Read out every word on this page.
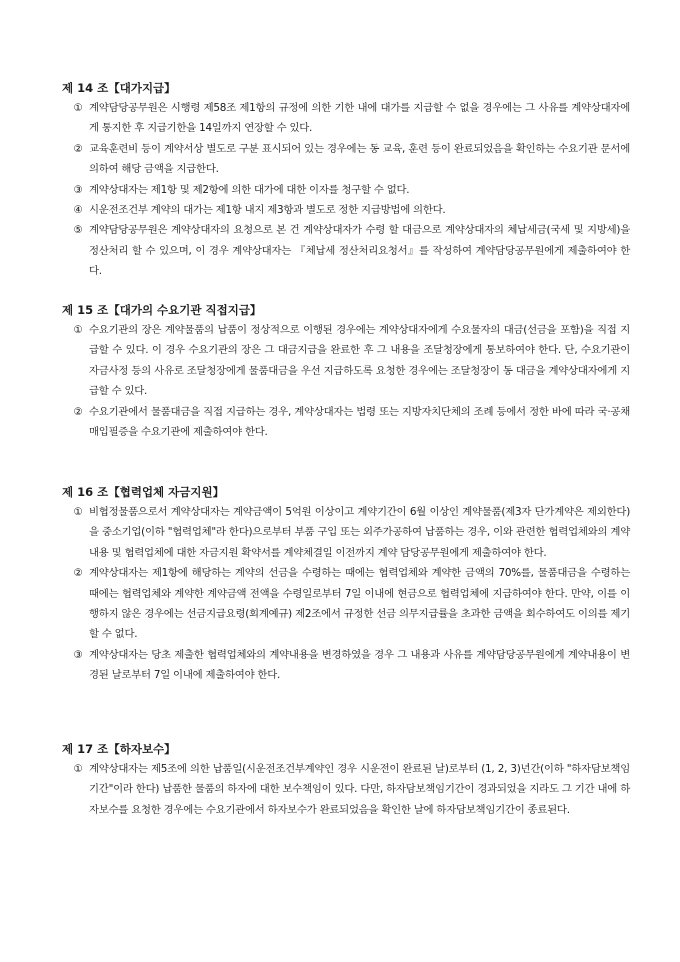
제 14 조【대가지급】
① 계약담당공무원은 시행령 제58조 제1항의 규정에 의한 기한 내에 대가를 지급할 수 없을 경우에는 그 사유를 계약상대자에게 통지한 후 지급기한을 14일까지 연장할 수 있다.
② 교육훈련비 등이 계약서상 별도로 구분 표시되어 있는 경우에는 동 교육, 훈련 등이 완료되었음을 확인하는 수요기관 문서에 의하여 해당 금액을 지급한다.
③ 계약상대자는 제1항 및 제2항에 의한 대가에 대한 이자를 청구할 수 없다.
④ 시운전조건부 계약의 대가는 제1항 내지 제3항과 별도로 정한 지급방법에 의한다.
⑤ 계약담당공무원은 계약상대자의 요청으로 본 건 계약상대자가 수령 할 대금으로 계약상대자의 체납세금(국세 및 지방세)을 정산처리 할 수 있으며, 이 경우 계약상대자는 『체납세 정산처리요청서』를 작성하여 계약담당공무원에게 제출하여야 한다.
제 15 조【대가의 수요기관 직접지급】
① 수요기관의 장은 계약물품의 납품이 정상적으로 이행된 경우에는 계약상대자에게 수요물자의 대금(선금을 포함)을 직접 지급할 수 있다. 이 경우 수요기관의 장은 그 대금지급을 완료한 후 그 내용을 조달청장에게 통보하여야 한다. 단, 수요기관이 자금사정 등의 사유로 조달청장에게 물품대금을 우선 지급하도록 요청한 경우에는 조달청장이 동 대금을 계약상대자에게 지급할 수 있다.
② 수요기관에서 물품대금을 직접 지급하는 경우, 계약상대자는 법령 또는 지방자치단체의 조례 등에서 정한 바에 따라 국·공채 매입필증을 수요기관에 제출하여야 한다.
제 16 조【협력업체 자금지원】
① 비협정물품으로서 계약상대자는 계약금액이 5억원 이상이고 계약기간이 6월 이상인 계약물품(제3자 단가계약은 제외한다)을 중소기업(이하 "협력업체"라 한다)으로부터 부품 구입 또는 외주가공하여 납품하는 경우, 이와 관련한 협력업체와의 계약내용 및 협력업체에 대한 자금지원 확약서를 계약체결일 이전까지 계약 담당공무원에게 제출하여야 한다.
② 계약상대자는 제1항에 해당하는 계약의 선금을 수령하는 때에는 협력업체와 계약한 금액의 70%를, 물품대금을 수령하는 때에는 협력업체와 계약한 계약금액 전액을 수령일로부터 7일 이내에 현금으로 협력업체에 지급하여야 한다. 만약, 이를 이행하지 않은 경우에는 선금지급요령(회계예규) 제2조에서 규정한 선금 의무지급률을 초과한 금액을 회수하여도 이의를 제기할 수 없다.
③ 계약상대자는 당초 제출한 협력업체와의 계약내용을 변경하였을 경우 그 내용과 사유를 계약담당공무원에게 계약내용이 변경된 날로부터 7일 이내에 제출하여야 한다.
제 17 조【하자보수】
① 계약상대자는 제5조에 의한 납품일(시운전조건부계약인 경우 시운전이 완료된 날)로부터 (1, 2, 3)년간(이하 "하자담보책임기간"이라 한다) 납품한 물품의 하자에 대한 보수책임이 있다. 다만, 하자담보책임기간이 경과되었을 지라도 그 기간 내에 하자보수를 요청한 경우에는 수요기관에서 하자보수가 완료되었음을 확인한 날에 하자담보책임기간이 종료된다.
